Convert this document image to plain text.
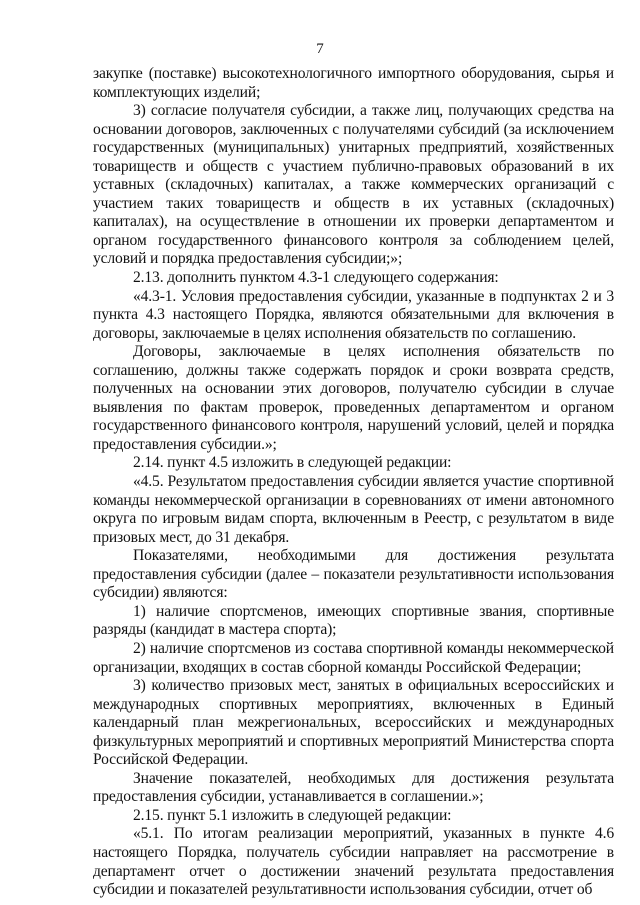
7

закупке (поставке) высокотехнологичного импортного оборудования, сырья и комплектующих изделий;

3) согласие получателя субсидии, а также лиц, получающих средства на основании договоров, заключенных с получателями субсидий (за исключением государственных (муниципальных) унитарных предприятий, хозяйственных товариществ и обществ с участием публично-правовых образований в их уставных (складочных) капиталах, а также коммерческих организаций с участием таких товариществ и обществ в их уставных (складочных) капиталах), на осуществление в отношении их проверки департаментом и органом государственного финансового контроля за соблюдением целей, условий и порядка предоставления субсидии;»;

2.13. дополнить пунктом 4.3-1 следующего содержания:

«4.3-1. Условия предоставления субсидии, указанные в подпунктах 2 и 3 пункта 4.3 настоящего Порядка, являются обязательными для включения в договоры, заключаемые в целях исполнения обязательств по соглашению.

Договоры, заключаемые в целях исполнения обязательств по соглашению, должны также содержать порядок и сроки возврата средств, полученных на основании этих договоров, получателю субсидии в случае выявления по фактам проверок, проведенных департаментом и органом государственного финансового контроля, нарушений условий, целей и порядка предоставления субсидии.»;

2.14. пункт 4.5 изложить в следующей редакции:

«4.5. Результатом предоставления субсидии является участие спортивной команды некоммерческой организации в соревнованиях от имени автономного округа по игровым видам спорта, включенным в Реестр, с результатом в виде призовых мест, до 31 декабря.

Показателями, необходимыми для достижения результата предоставления субсидии (далее – показатели результативности использования субсидии) являются:

1) наличие спортсменов, имеющих спортивные звания, спортивные разряды (кандидат в мастера спорта);

2) наличие спортсменов из состава спортивной команды некоммерческой организации, входящих в состав сборной команды Российской Федерации;

3) количество призовых мест, занятых в официальных всероссийских и международных спортивных мероприятиях, включенных в Единый календарный план межрегиональных, всероссийских и международных физкультурных мероприятий и спортивных мероприятий Министерства спорта Российской Федерации.

Значение показателей, необходимых для достижения результата предоставления субсидии, устанавливается в соглашении.»;

2.15. пункт 5.1 изложить в следующей редакции:

«5.1. По итогам реализации мероприятий, указанных в пункте 4.6 настоящего Порядка, получатель субсидии направляет на рассмотрение в департамент отчет о достижении значений результата предоставления субсидии и показателей результативности использования субсидии, отчет об
